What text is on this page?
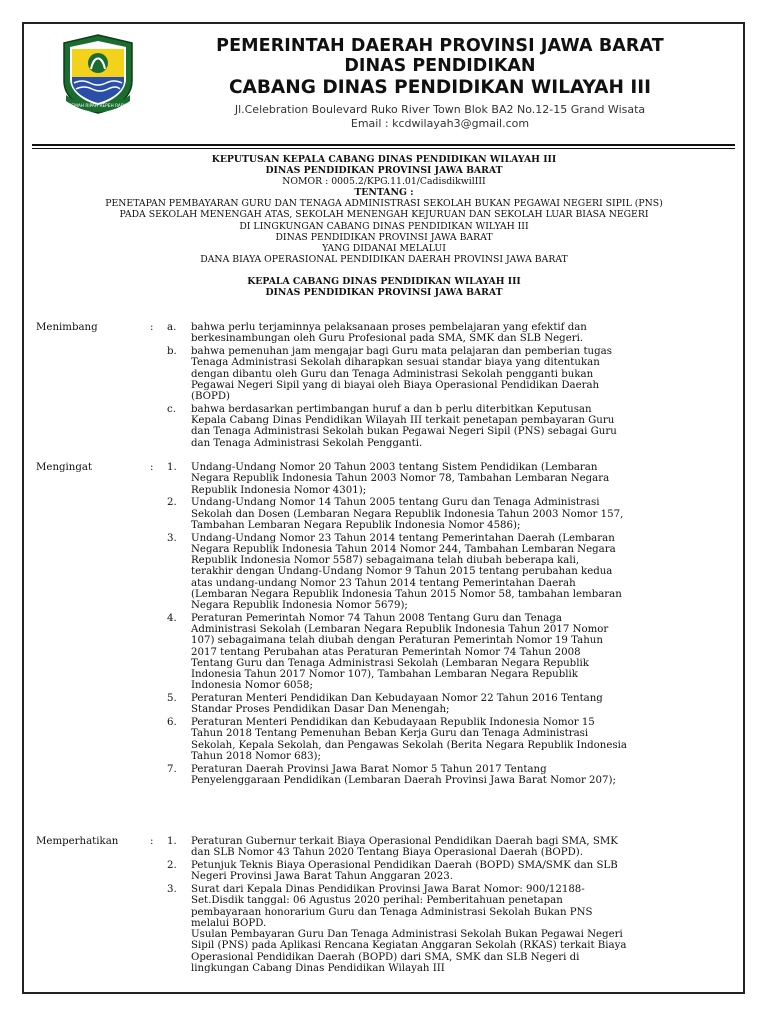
GEMAH RIPAH REPEH RAPIH
PEMERINTAH DAERAH PROVINSI JAWA BARAT
DINAS PENDIDIKAN
CABANG DINAS PENDIDIKAN WILAYAH III
Jl.Celebration Boulevard Ruko River Town Blok BA2 No.12-15 Grand Wisata
Email : kcdwilayah3@gmail.com
KEPUTUSAN KEPALA CABANG DINAS PENDIDIKAN WILAYAH III
DINAS PENDIDIKAN PROVINSI JAWA BARAT
NOMOR : 0005.2/KPG.11.01/CadisdikwilIII
TENTANG :
PENETAPAN PEMBAYARAN GURU DAN TENAGA ADMINISTRASI SEKOLAH BUKAN PEGAWAI NEGERI SIPIL (PNS)
PADA SEKOLAH MENENGAH ATAS, SEKOLAH MENENGAH KEJURUAN DAN SEKOLAH LUAR BIASA NEGERI
DI LINGKUNGAN CABANG DINAS PENDIDIKAN WILYAH III
DINAS PENDIDIKAN PROVINSI JAWA BARAT
YANG DIDANAI MELALUI
DANA BIAYA OPERASIONAL PENDIDIKAN DAERAH PROVINSI JAWA BARAT
KEPALA CABANG DINAS PENDIDIKAN WILAYAH III
DINAS PENDIDIKAN PROVINSI JAWA BARAT
Menimbang	: a.	bahwa perlu terjaminnya pelaksanaan proses pembelajaran yang efektif dan
berkesinambungan oleh Guru Profesional pada SMA, SMK dan SLB Negeri.
b.	bahwa pemenuhan jam mengajar bagi Guru mata pelajaran dan pemberian tugas
Tenaga Administrasi Sekolah diharapkan sesuai standar biaya yang ditentukan
dengan dibantu oleh Guru dan Tenaga Administrasi Sekolah pengganti bukan
Pegawai Negeri Sipil yang di biayai oleh Biaya Operasional Pendidikan Daerah
(BOPD)
c.	bahwa berdasarkan pertimbangan huruf a dan b perlu diterbitkan Keputusan
Kepala Cabang Dinas Pendidikan Wilayah III terkait penetapan pembayaran Guru
dan Tenaga Administrasi Sekolah bukan Pegawai Negeri Sipil (PNS) sebagai Guru
dan Tenaga Administrasi Sekolah Pengganti.
Mengingat	: 1.	Undang-Undang Nomor 20 Tahun 2003 tentang Sistem Pendidikan (Lembaran
Negara Republik Indonesia Tahun 2003 Nomor 78, Tambahan Lembaran Negara
Republik Indonesia Nomor 4301);
2.	Undang-Undang Nomor 14 Tahun 2005 tentang Guru dan Tenaga Administrasi
Sekolah dan Dosen (Lembaran Negara Republik Indonesia Tahun 2003 Nomor 157,
Tambahan Lembaran Negara Republik Indonesia Nomor 4586);
3.	Undang-Undang Nomor 23 Tahun 2014 tentang Pemerintahan Daerah (Lembaran
Negara Republik Indonesia Tahun 2014 Nomor 244, Tambahan Lembaran Negara
Republik Indonesia Nomor 5587) sebagaimana telah diubah beberapa kali,
terakhir dengan Undang-Undang Nomor 9 Tahun 2015 tentang perubahan kedua
atas undang-undang Nomor 23 Tahun 2014 tentang Pemerintahan Daerah
(Lembaran Negara Republik Indonesia Tahun 2015 Nomor 58, tambahan lembaran
Negara Republik Indonesia Nomor 5679);
4.	Peraturan Pemerintah Nomor 74 Tahun 2008 Tentang Guru dan Tenaga
Administrasi Sekolah (Lembaran Negara Republik Indonesia Tahun 2017 Nomor
107) sebagaimana telah diubah dengan Peraturan Pemerintah Nomor 19 Tahun
2017 tentang Perubahan atas Peraturan Pemerintah Nomor 74 Tahun 2008
Tentang Guru dan Tenaga Administrasi Sekolah (Lembaran Negara Republik
Indonesia Tahun 2017 Nomor 107), Tambahan Lembaran Negara Republik
Indonesia Nomor 6058;
5.	Peraturan Menteri Pendidikan Dan Kebudayaan Nomor 22 Tahun 2016 Tentang
Standar Proses Pendidikan Dasar Dan Menengah;
6.	Peraturan Menteri Pendidikan dan Kebudayaan Republik Indonesia Nomor 15
Tahun 2018 Tentang Pemenuhan Beban Kerja Guru dan Tenaga Administrasi
Sekolah, Kepala Sekolah, dan Pengawas Sekolah (Berita Negara Republik Indonesia
Tahun 2018 Nomor 683);
7.	Peraturan Daerah Provinsi Jawa Barat Nomor 5 Tahun 2017 Tentang
Penyelenggaraan Pendidikan (Lembaran Daerah Provinsi Jawa Barat Nomor 207);
Memperhatikan	: 1.	Peraturan Gubernur terkait Biaya Operasional Pendidikan Daerah bagi SMA, SMK
dan SLB Nomor 43 Tahun 2020 Tentang Biaya Operasional Daerah (BOPD).
2.	Petunjuk Teknis Biaya Operasional Pendidikan Daerah (BOPD) SMA/SMK dan SLB
Negeri Provinsi Jawa Barat Tahun Anggaran 2023.
3.	Surat dari Kepala Dinas Pendidikan Provinsi Jawa Barat Nomor: 900/12188-
Set.Disdik tanggal: 06 Agustus 2020 perihal: Pemberitahuan penetapan
pembayaraan honorarium Guru dan Tenaga Administrasi Sekolah Bukan PNS
melalui BOPD.
Usulan Pembayaran Guru Dan Tenaga Administrasi Sekolah Bukan Pegawai Negeri
Sipil (PNS) pada Aplikasi Rencana Kegiatan Anggaran Sekolah (RKAS) terkait Biaya
Operasional Pendidikan Daerah (BOPD) dari SMA, SMK dan SLB Negeri di
lingkungan Cabang Dinas Pendidikan Wilayah III
